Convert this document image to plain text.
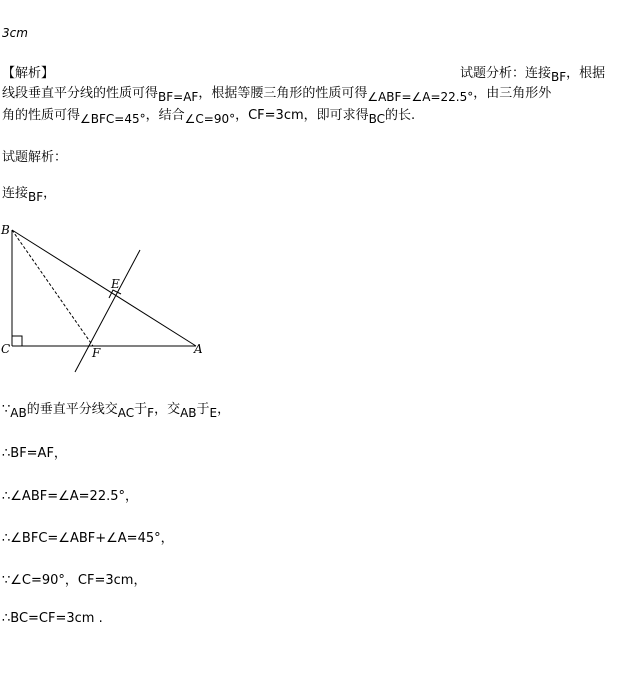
3cm
【解析】	试题分析：连接BF，根据
线段垂直平分线的性质可得BF=AF，根据等腰三角形的性质可得∠ABF=∠A=22.5°，由三角形外
角的性质可得∠BFC=45°，结合∠C=90°，CF=3cm，即可求得BC的长.
试题解析：
连接BF，
B
E
C	F	A
∵AB的垂直平分线交AC于F，交AB于E，
∴BF=AF，
∴∠ABF=∠A=22.5°，
∴∠BFC=∠ABF+∠A=45°，
∵∠C=90°，CF=3cm，
∴BC=CF=3cm .
